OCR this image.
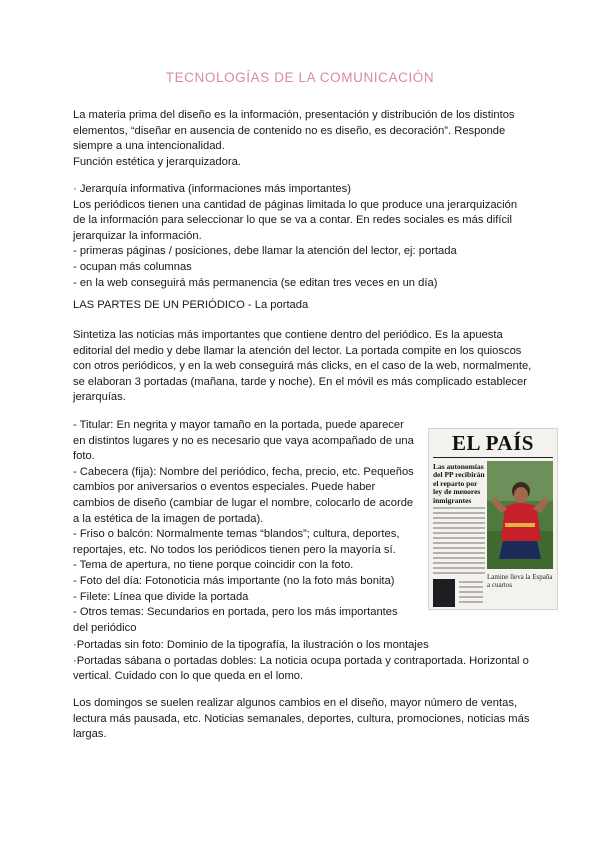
TECNOLOGÍAS DE LA COMUNICACIÓN
La materia prima del diseño es la información, presentación y distribución de los distintos
elementos, “diseñar en ausencia de contenido no es diseño, es decoración”. Responde
siempre a una intencionalidad.
Función estética y jerarquizadora.
· Jerarquía informativa (informaciones más importantes)
Los periódicos tienen una cantidad de páginas limitada lo que produce una jerarquización
de la información para seleccionar lo que se va a contar. En redes sociales es más difícil
jerarquizar la información.
- primeras páginas / posiciones, debe llamar la atención del lector, ej: portada
- ocupan más columnas
- en la web conseguirá más permanencia (se editan tres veces en un día)
LAS PARTES DE UN PERIÓDICO - La portada
Sintetiza las noticias más importantes que contiene dentro del periódico. Es la apuesta
editorial del medio y debe llamar la atención del lector. La portada compite en los quioscos
con otros periódicos, y en la web conseguirá más clicks, en el caso de la web, normalmente,
se elaboran 3 portadas (mañana, tarde y noche). En el móvil es más complicado establecer
jerarquías.
- Titular: En negrita y mayor tamaño en la portada, puede aparecer
en distintos lugares y no es necesario que vaya acompañado de una
foto.
- Cabecera (fija): Nombre del periódico, fecha, precio, etc. Pequeños
cambios por aniversarios o eventos especiales. Puede haber
cambios de diseño (cambiar de lugar el nombre, colocarlo de acorde
a la estética de la imagen de portada).
- Friso o balcón: Normalmente temas “blandos”; cultura, deportes,
reportajes, etc. No todos los periódicos tienen pero la mayoría sí.
- Tema de apertura, no tiene porque coincidir con la foto.
- Foto del día: Fotonoticia más importante (no la foto más bonita)
- Filete: Línea que divide la portada
- Otros temas: Secundarios en portada, pero los más importantes
del periódico
EL PAÍS
Las autonomías del PP recibirán el reparto por ley de menores inmigrantes
Lamine lleva la España a cuartos
·Portadas sin foto: Dominio de la tipografía, la ilustración o los montajes
·Portadas sábana o portadas dobles: La noticia ocupa portada y contraportada. Horizontal o
vertical. Cuidado con lo que queda en el lomo.
Los domingos se suelen realizar algunos cambios en el diseño, mayor número de ventas,
lectura más pausada, etc. Noticias semanales, deportes, cultura, promociones, noticias más
largas.
